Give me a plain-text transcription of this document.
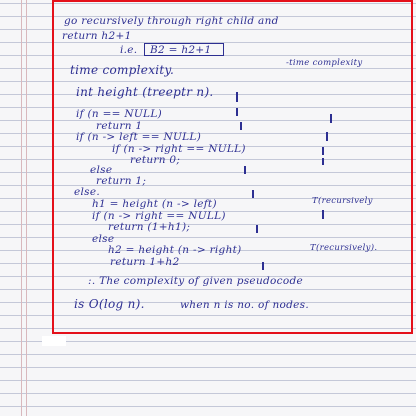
go recursively through right child and

return h2+1

i.e. B2 = h2+1

time complexity.	-time complexity

int height (treeptr n).

if (n == NULL)

return 1

if (n -> left == NULL)

if (n -> right == NULL)

return 0;

else

return 1;

else.

h1 = height (n -> left)	T(recursively

if (n -> right == NULL)

return (1+h1);

else

h2 = height (n -> right)	T(recursively).

return 1+h2

:. The complexity of given pseudocode

is O(log n).	when n is no. of nodes.
